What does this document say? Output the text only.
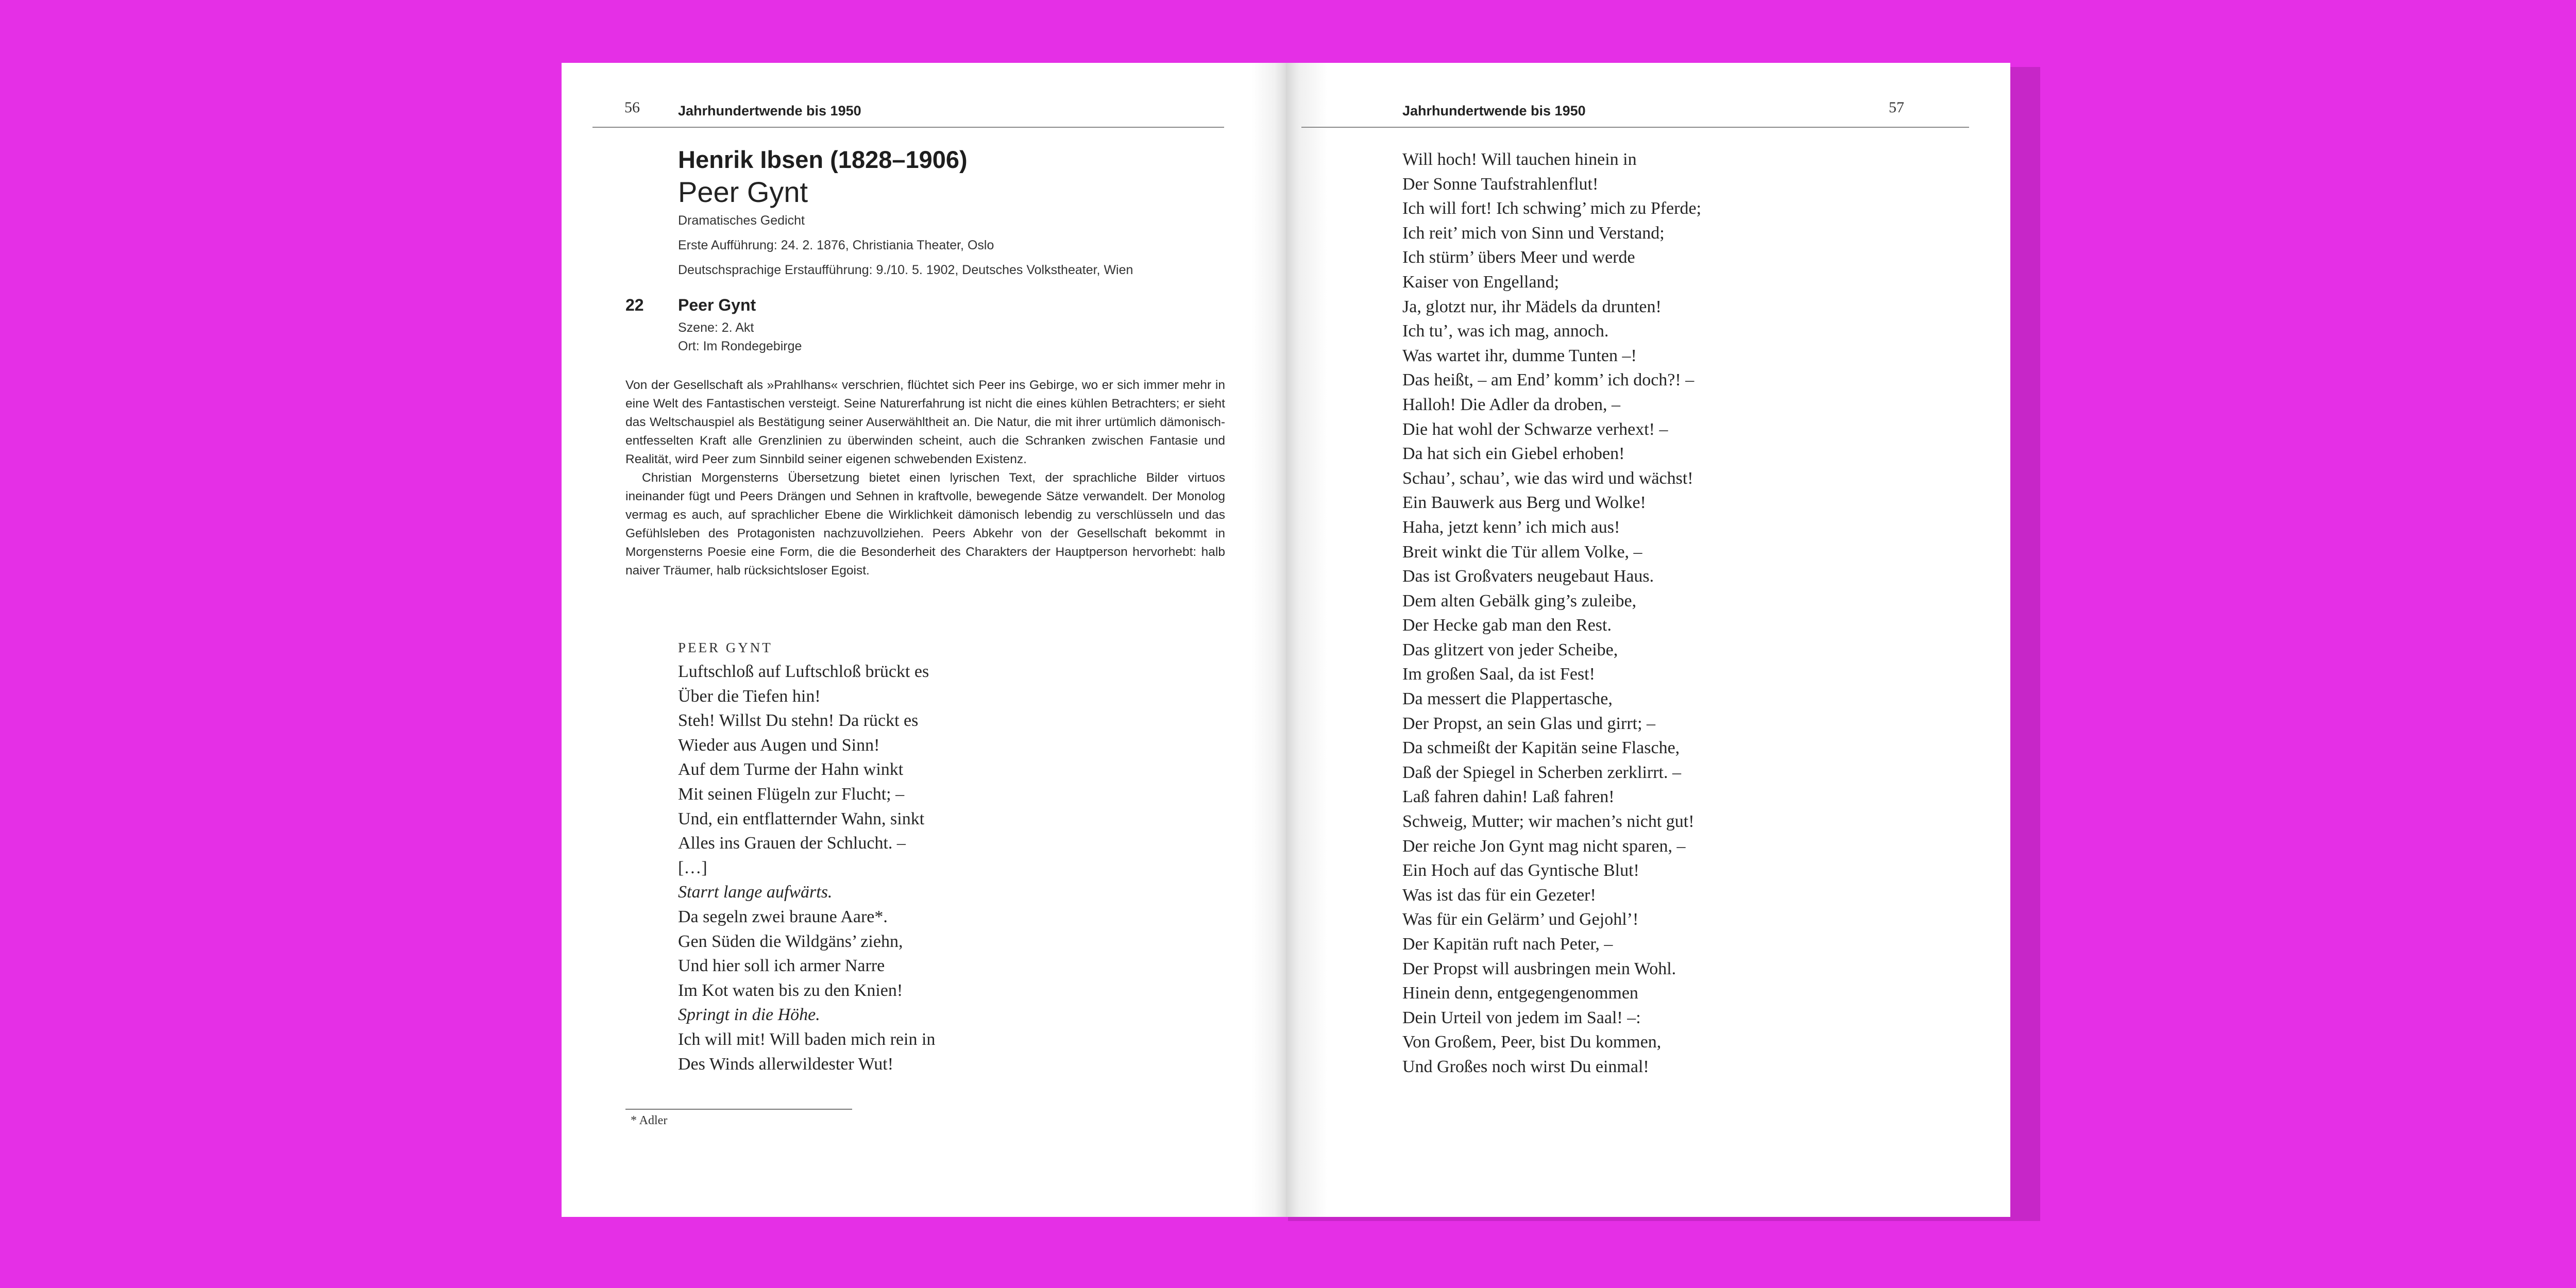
56	Jahrhundertwende bis 1950
Henrik Ibsen (1828–1906)
Peer Gynt
Dramatisches Gedicht
Erste Aufführung: 24. 2. 1876, Christiania Theater, Oslo
Deutschsprachige Erstaufführung: 9./10. 5. 1902, Deutsches Volkstheater, Wien
22 Peer Gynt
Szene: 2. Akt
Ort: Im Rondegebirge

Von der Gesellschaft als »Prahlhans« verschrien, flüchtet sich Peer ins Gebirge, wo er sich immer mehr in eine Welt des Fantastischen versteigt. Seine Naturerfahrung ist nicht die eines kühlen Betrachters; er sieht das Weltschauspiel als Bestätigung seiner Auserwähltheit an. Die Natur, die mit ihrer urtümlich dämonisch-entfesselten Kraft alle Grenzlinien zu überwinden scheint, auch die Schranken zwischen Fantasie und Realität, wird Peer zum Sinnbild seiner eigenen schwebenden Existenz.

Christian Morgensterns Übersetzung bietet einen lyrischen Text, der sprachliche Bilder virtuos ineinander fügt und Peers Drängen und Sehnen in kraftvolle, bewegende Sätze verwandelt. Der Monolog vermag es auch, auf sprachlicher Ebene die Wirklichkeit dämonisch lebendig zu verschlüsseln und das Gefühlsleben des Protagonisten nachzuvollziehen. Peers Abkehr von der Gesellschaft bekommt in Morgensterns Poesie eine Form, die die Besonderheit des Charakters der Hauptperson hervorhebt: halb naiver Träumer, halb rücksichtsloser Egoist.

PEER GYNT
Luftschloß auf Luftschloß brückt es
Über die Tiefen hin!
Steh! Willst Du stehn! Da rückt es
Wieder aus Augen und Sinn!
Auf dem Turme der Hahn winkt
Mit seinen Flügeln zur Flucht; –
Und, ein entflatternder Wahn, sinkt
Alles ins Grauen der Schlucht. –
[…]
Starrt lange aufwärts.
Da segeln zwei braune Aare*.
Gen Süden die Wildgäns’ ziehn,
Und hier soll ich armer Narre
Im Kot waten bis zu den Knien!
Springt in die Höhe.
Ich will mit! Will baden mich rein in
Des Winds allerwildester Wut!
* Adler
Jahrhundertwende bis 1950	57
Will hoch! Will tauchen hinein in
Der Sonne Taufstrahlenflut!
Ich will fort! Ich schwing’ mich zu Pferde;
Ich reit’ mich von Sinn und Verstand;
Ich stürm’ übers Meer und werde
Kaiser von Engelland;
Ja, glotzt nur, ihr Mädels da drunten!
Ich tu’, was ich mag, annoch.
Was wartet ihr, dumme Tunten –!
Das heißt, – am End’ komm’ ich doch?! –
Halloh! Die Adler da droben, –
Die hat wohl der Schwarze verhext! –
Da hat sich ein Giebel erhoben!
Schau’, schau’, wie das wird und wächst!
Ein Bauwerk aus Berg und Wolke!
Haha, jetzt kenn’ ich mich aus!
Breit winkt die Tür allem Volke, –
Das ist Großvaters neugebaut Haus.
Dem alten Gebälk ging’s zuleibe,
Der Hecke gab man den Rest.
Das glitzert von jeder Scheibe,
Im großen Saal, da ist Fest!
Da messert die Plappertasche,
Der Propst, an sein Glas und girrt; –
Da schmeißt der Kapitän seine Flasche,
Daß der Spiegel in Scherben zerklirrt. –
Laß fahren dahin! Laß fahren!
Schweig, Mutter; wir machen’s nicht gut!
Der reiche Jon Gynt mag nicht sparen, –
Ein Hoch auf das Gyntische Blut!
Was ist das für ein Gezeter!
Was für ein Gelärm’ und Gejohl’!
Der Kapitän ruft nach Peter, –
Der Propst will ausbringen mein Wohl.
Hinein denn, entgegengenommen
Dein Urteil von jedem im Saal! –:
Von Großem, Peer, bist Du kommen,
Und Großes noch wirst Du einmal!
